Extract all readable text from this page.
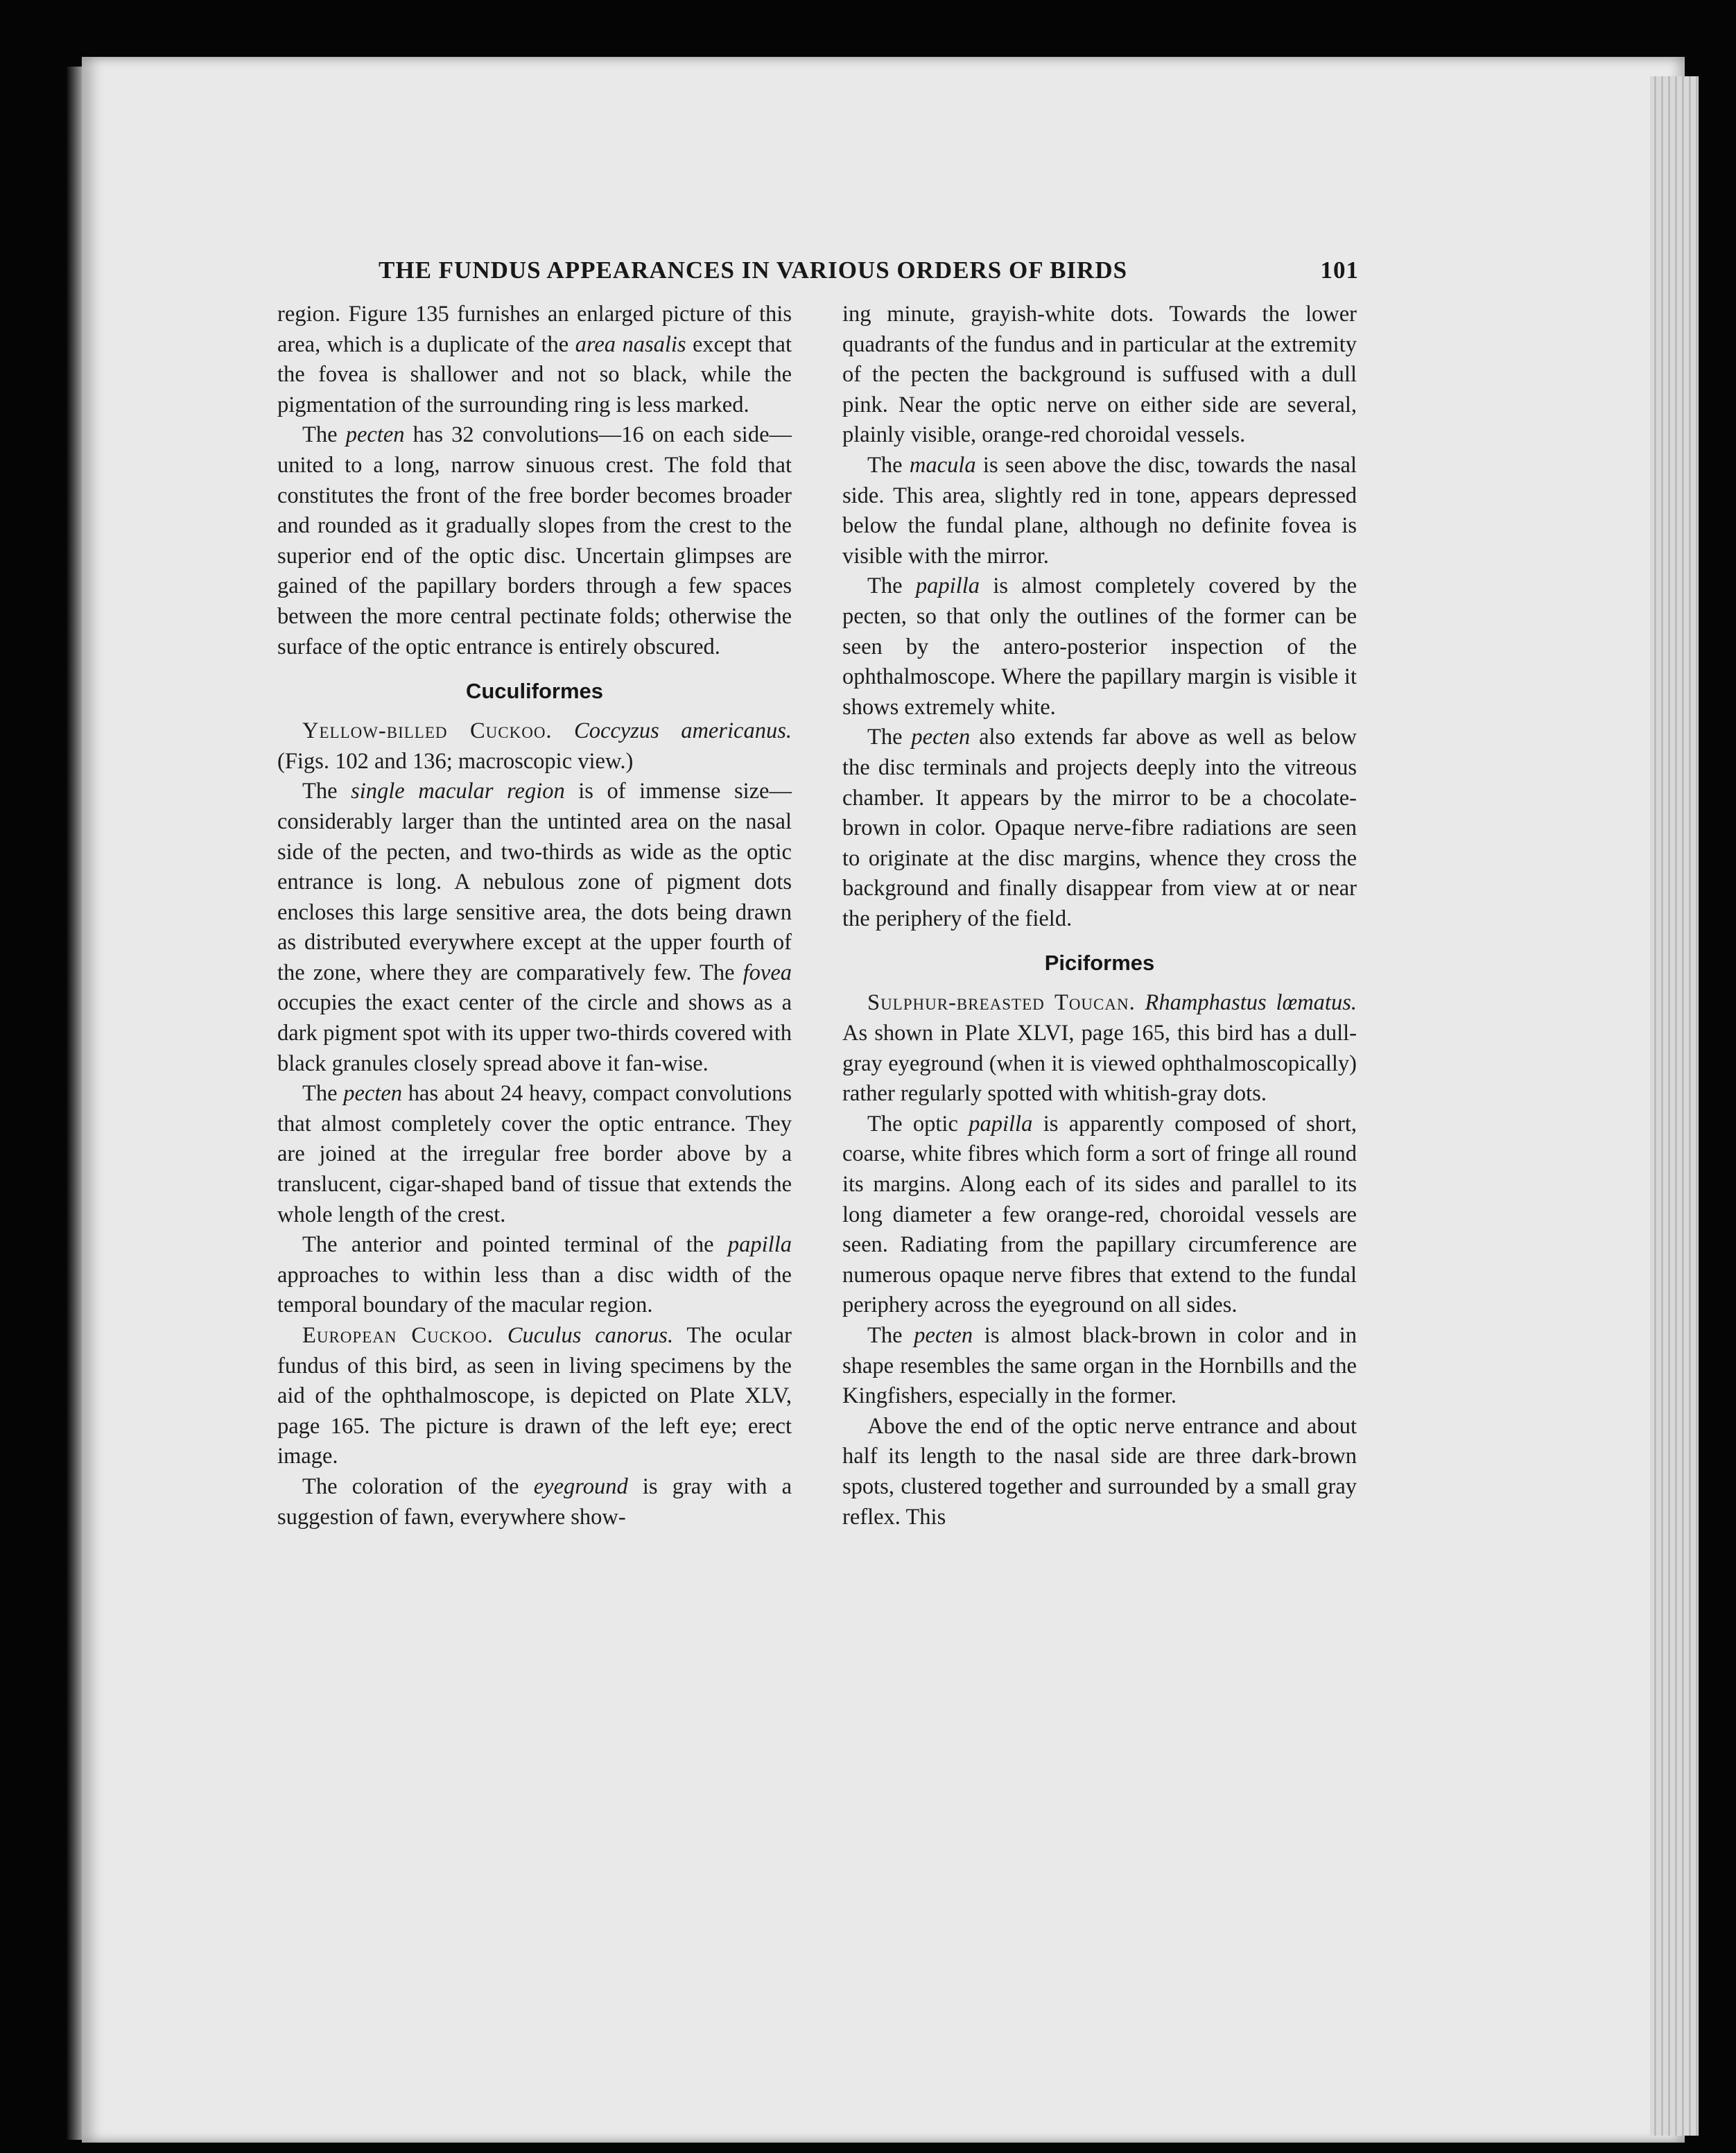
THE FUNDUS APPEARANCES IN VARIOUS ORDERS OF BIRDS	101

region. Figure 135 furnishes an enlarged picture of this area, which is a duplicate of the area nasalis except that the fovea is shallower and not so black, while the pigmentation of the surrounding ring is less marked.

The pecten has 32 convolutions—16 on each side—united to a long, narrow sinuous crest. The fold that constitutes the front of the free border becomes broader and rounded as it gradually slopes from the crest to the superior end of the optic disc. Uncertain glimpses are gained of the papillary borders through a few spaces between the more central pectinate folds; otherwise the surface of the optic entrance is entirely obscured.

Cuculiformes

Yellow-billed Cuckoo. Coccyzus americanus. (Figs. 102 and 136; macroscopic view.)

The single macular region is of immense size—considerably larger than the untinted area on the nasal side of the pecten, and two-thirds as wide as the optic entrance is long. A nebulous zone of pigment dots encloses this large sensitive area, the dots being drawn as distributed everywhere except at the upper fourth of the zone, where they are comparatively few. The fovea occupies the exact center of the circle and shows as a dark pigment spot with its upper two-thirds covered with black granules closely spread above it fan-wise.

The pecten has about 24 heavy, compact convolutions that almost completely cover the optic entrance. They are joined at the irregular free border above by a translucent, cigar-shaped band of tissue that extends the whole length of the crest.

The anterior and pointed terminal of the papilla approaches to within less than a disc width of the temporal boundary of the macular region.

European Cuckoo. Cuculus canorus. The ocular fundus of this bird, as seen in living specimens by the aid of the ophthalmoscope, is depicted on Plate XLV, page 165. The picture is drawn of the left eye; erect image.

The coloration of the eyeground is gray with a suggestion of fawn, everywhere show-

ing minute, grayish-white dots. Towards the lower quadrants of the fundus and in particular at the extremity of the pecten the background is suffused with a dull pink. Near the optic nerve on either side are several, plainly visible, orange-red choroidal vessels.

The macula is seen above the disc, towards the nasal side. This area, slightly red in tone, appears depressed below the fundal plane, although no definite fovea is visible with the mirror.

The papilla is almost completely covered by the pecten, so that only the outlines of the former can be seen by the antero-posterior inspection of the ophthalmoscope. Where the papillary margin is visible it shows extremely white.

The pecten also extends far above as well as below the disc terminals and projects deeply into the vitreous chamber. It appears by the mirror to be a chocolate-brown in color. Opaque nerve-fibre radiations are seen to originate at the disc margins, whence they cross the background and finally disappear from view at or near the periphery of the field.

Piciformes

Sulphur-breasted Toucan. Rhamphastus lœmatus. As shown in Plate XLVI, page 165, this bird has a dull-gray eyeground (when it is viewed ophthalmoscopically) rather regularly spotted with whitish-gray dots.

The optic papilla is apparently composed of short, coarse, white fibres which form a sort of fringe all round its margins. Along each of its sides and parallel to its long diameter a few orange-red, choroidal vessels are seen. Radiating from the papillary circumference are numerous opaque nerve fibres that extend to the fundal periphery across the eyeground on all sides.

The pecten is almost black-brown in color and in shape resembles the same organ in the Hornbills and the Kingfishers, especially in the former.

Above the end of the optic nerve entrance and about half its length to the nasal side are three dark-brown spots, clustered together and surrounded by a small gray reflex. This
